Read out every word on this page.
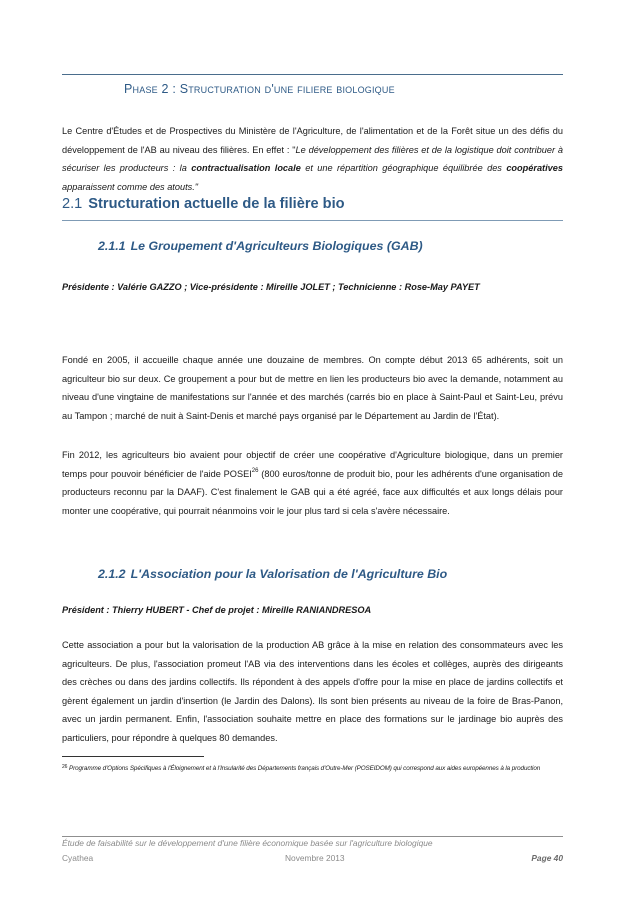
Phase 2 : Structuration d'une filiere biologique
Le Centre d'Études et de Prospectives du Ministère de l'Agriculture, de l'alimentation et de la Forêt situe un des défis du développement de l'AB au niveau des filières. En effet : "Le développement des filières et de la logistique doit contribuer à sécuriser les producteurs : la contractualisation locale et une répartition géographique équilibrée des coopératives apparaissent comme des atouts."
2.1 Structuration actuelle de la filière bio
2.1.1 Le Groupement d'Agriculteurs Biologiques (GAB)
Présidente : Valérie GAZZO ; Vice-présidente : Mireille JOLET ; Technicienne : Rose-May PAYET
Fondé en 2005, il accueille chaque année une douzaine de membres. On compte début 2013 65 adhérents, soit un agriculteur bio sur deux. Ce groupement a pour but de mettre en lien les producteurs bio avec la demande, notamment au niveau d'une vingtaine de manifestations sur l'année et des marchés (carrés bio en place à Saint-Paul et Saint-Leu, prévu au Tampon ; marché de nuit à Saint-Denis et marché pays organisé par le Département au Jardin de l'État).
Fin 2012, les agriculteurs bio avaient pour objectif de créer une coopérative d'Agriculture biologique, dans un premier temps pour pouvoir bénéficier de l'aide POSEI$^{26}$ (800 euros/tonne de produit bio, pour les adhérents d'une organisation de producteurs reconnu par la DAAF). C'est finalement le GAB qui a été agréé, face aux difficultés et aux longs délais pour monter une coopérative, qui pourrait néanmoins voir le jour plus tard si cela s'avère nécessaire.
2.1.2 L'Association pour la Valorisation de l'Agriculture Bio
Président : Thierry HUBERT - Chef de projet : Mireille RANIANDRESOA
Cette association a pour but la valorisation de la production AB grâce à la mise en relation des consommateurs avec les agriculteurs. De plus, l'association promeut l'AB via des interventions dans les écoles et collèges, auprès des dirigeants des crèches ou dans des jardins collectifs. Ils répondent à des appels d'offre pour la mise en place de jardins collectifs et gèrent également un jardin d'insertion (le Jardin des Dalons). Ils sont bien présents au niveau de la foire de Bras-Panon, avec un jardin permanent. Enfin, l'association souhaite mettre en place des formations sur le jardinage bio auprès des particuliers, pour répondre à quelques 80 demandes.
$^{26}$ Programme d'Options Spécifiques à l'Éloignement et à l'Insularité des Départements français d'Outre-Mer (POSEIDOM) qui correspond aux aides européennes à la production
Étude de faisabilité sur le développement d'une filière économique basée sur l'agriculture biologique
Cyathea	Novembre 2013	Page 40
